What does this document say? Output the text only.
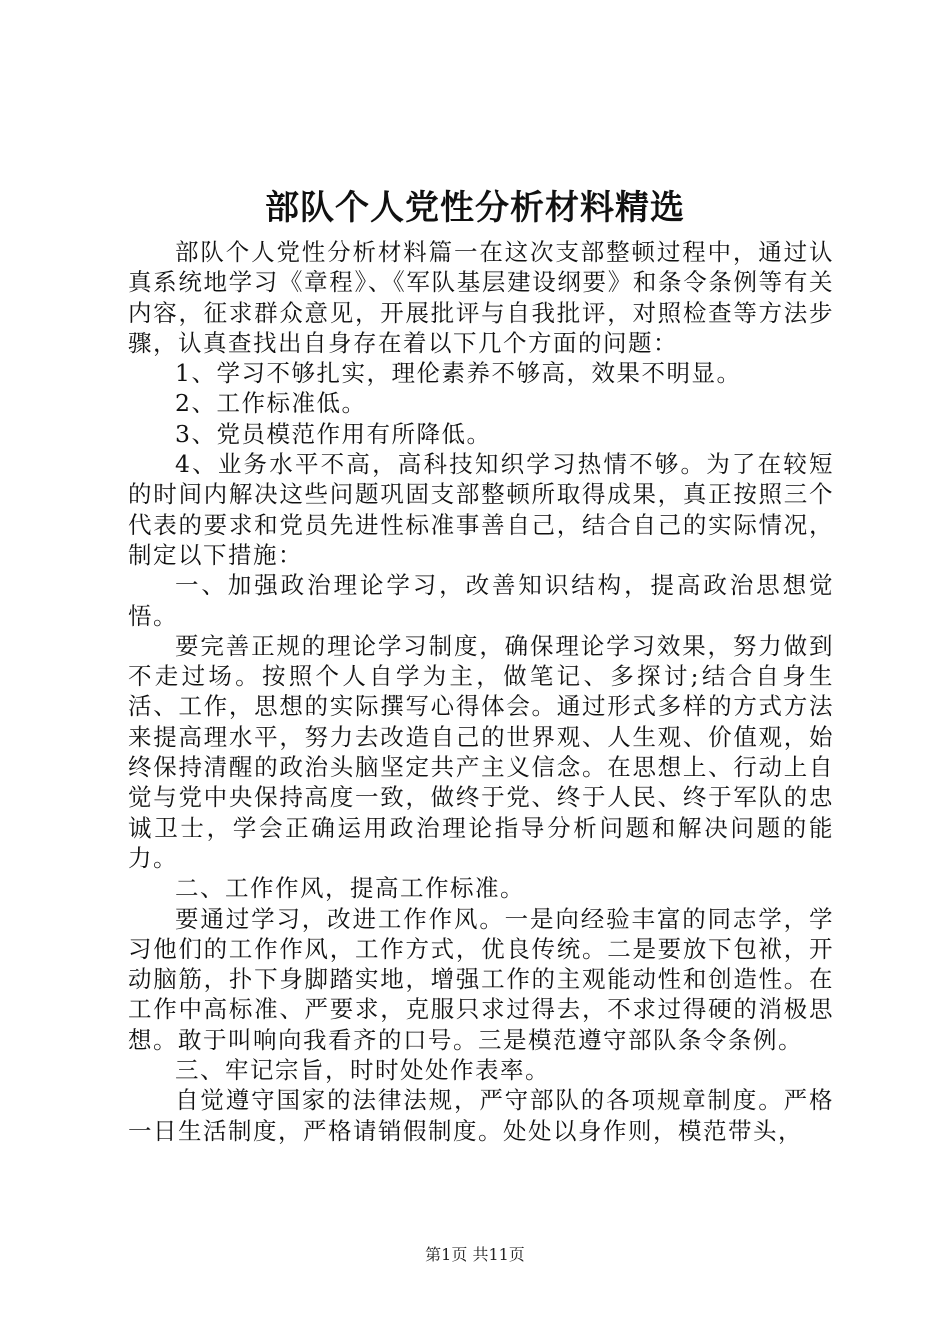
部队个人党性分析材料精选

部队个人党性分析材料篇一在这次支部整顿过程中，通过认真系统地学习《章程》、《军队基层建设纲要》和条令条例等有关内容，征求群众意见，开展批评与自我批评，对照检查等方法步骤，认真查找出自身存在着以下几个方面的问题：

1、学习不够扎实，理伦素养不够高，效果不明显。

2、工作标准低。

3、党员模范作用有所降低。

4、业务水平不高，高科技知织学习热情不够。为了在较短的时间内解决这些问题巩固支部整顿所取得成果，真正按照三个代表的要求和党员先进性标准事善自己，结合自己的实际情况，制定以下措施：

一、加强政治理论学习，改善知识结构，提高政治思想觉悟。

要完善正规的理论学习制度，确保理论学习效果，努力做到不走过场。按照个人自学为主，做笔记、多探讨;结合自身生活、工作，思想的实际撰写心得体会。通过形式多样的方式方法来提高理水平，努力去改造自己的世界观、人生观、价值观，始终保持清醒的政治头脑坚定共产主义信念。在思想上、行动上自觉与党中央保持高度一致，做终于党、终于人民、终于军队的忠诚卫士，学会正确运用政治理论指导分析问题和解决问题的能力。

二、工作作风，提高工作标准。

要通过学习，改进工作作风。一是向经验丰富的同志学，学习他们的工作作风，工作方式，优良传统。二是要放下包袱，开动脑筋，扑下身脚踏实地，增强工作的主观能动性和创造性。在工作中高标准、严要求，克服只求过得去，不求过得硬的消极思想。敢于叫响向我看齐的口号。三是模范遵守部队条令条例。

三、牢记宗旨，时时处处作表率。

自觉遵守国家的法律法规，严守部队的各项规章制度。严格一日生活制度，严格请销假制度。处处以身作则，模范带头，

第1页 共11页
